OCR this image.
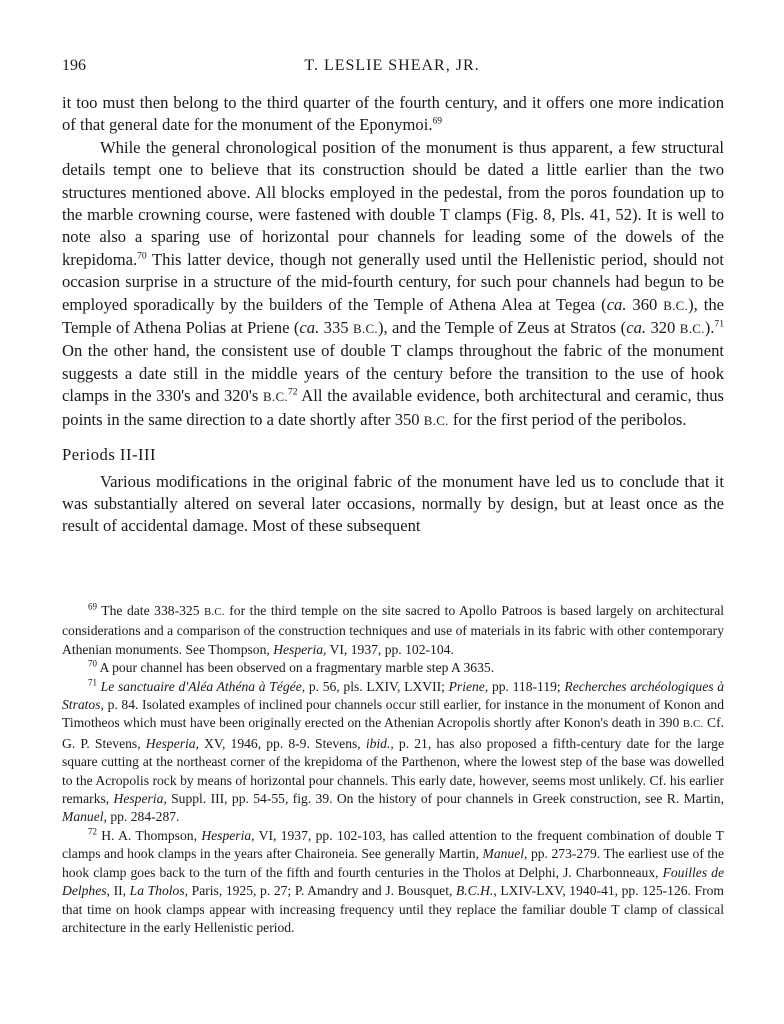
196	T. LESLIE SHEAR, JR.

it too must then belong to the third quarter of the fourth century, and it offers one more indication of that general date for the monument of the Eponymoi.$^{69}$

While the general chronological position of the monument is thus apparent, a few structural details tempt one to believe that its construction should be dated a little earlier than the two structures mentioned above. All blocks employed in the pedestal, from the poros foundation up to the marble crowning course, were fastened with double T clamps (Fig. 8, Pls. 41, 52). It is well to note also a sparing use of horizontal pour channels for leading some of the dowels of the krepidoma.$^{70}$ This latter device, though not generally used until the Hellenistic period, should not occasion surprise in a structure of the mid-fourth century, for such pour channels had begun to be employed sporadically by the builders of the Temple of Athena Alea at Tegea (ca. 360 B.C.), the Temple of Athena Polias at Priene (ca. 335 B.C.), and the Temple of Zeus at Stratos (ca. 320 B.C.).$^{71}$ On the other hand, the consistent use of double T clamps throughout the fabric of the monument suggests a date still in the middle years of the century before the transition to the use of hook clamps in the 330's and 320's B.C.$^{72}$ All the available evidence, both architectural and ceramic, thus points in the same direction to a date shortly after 350 B.C. for the first period of the peribolos.

Periods II-III

Various modifications in the original fabric of the monument have led us to conclude that it was substantially altered on several later occasions, normally by design, but at least once as the result of accidental damage. Most of these subsequent

$^{69}$ The date 338-325 B.C. for the third temple on the site sacred to Apollo Patroos is based largely on architectural considerations and a comparison of the construction techniques and use of materials in its fabric with other contemporary Athenian monuments. See Thompson, Hesperia, VI, 1937, pp. 102-104.

$^{70}$ A pour channel has been observed on a fragmentary marble step A 3635.

$^{71}$ Le sanctuaire d'Aléa Athéna à Tégée, p. 56, pls. LXIV, LXVII; Priene, pp. 118-119; Recherches archéologiques à Stratos, p. 84. Isolated examples of inclined pour channels occur still earlier, for instance in the monument of Konon and Timotheos which must have been originally erected on the Athenian Acropolis shortly after Konon's death in 390 B.C. Cf. G. P. Stevens, Hesperia, XV, 1946, pp. 8-9. Stevens, ibid., p. 21, has also proposed a fifth-century date for the large square cutting at the northeast corner of the krepidoma of the Parthenon, where the lowest step of the base was dowelled to the Acropolis rock by means of horizontal pour channels. This early date, however, seems most unlikely. Cf. his earlier remarks, Hesperia, Suppl. III, pp. 54-55, fig. 39. On the history of pour channels in Greek construction, see R. Martin, Manuel, pp. 284-287.

$^{72}$ H. A. Thompson, Hesperia, VI, 1937, pp. 102-103, has called attention to the frequent combination of double T clamps and hook clamps in the years after Chaironeia. See generally Martin, Manuel, pp. 273-279. The earliest use of the hook clamp goes back to the turn of the fifth and fourth centuries in the Tholos at Delphi, J. Charbonneaux, Fouilles de Delphes, II, La Tholos, Paris, 1925, p. 27; P. Amandry and J. Bousquet, B.C.H., LXIV-LXV, 1940-41, pp. 125-126. From that time on hook clamps appear with increasing frequency until they replace the familiar double T clamp of classical architecture in the early Hellenistic period.
